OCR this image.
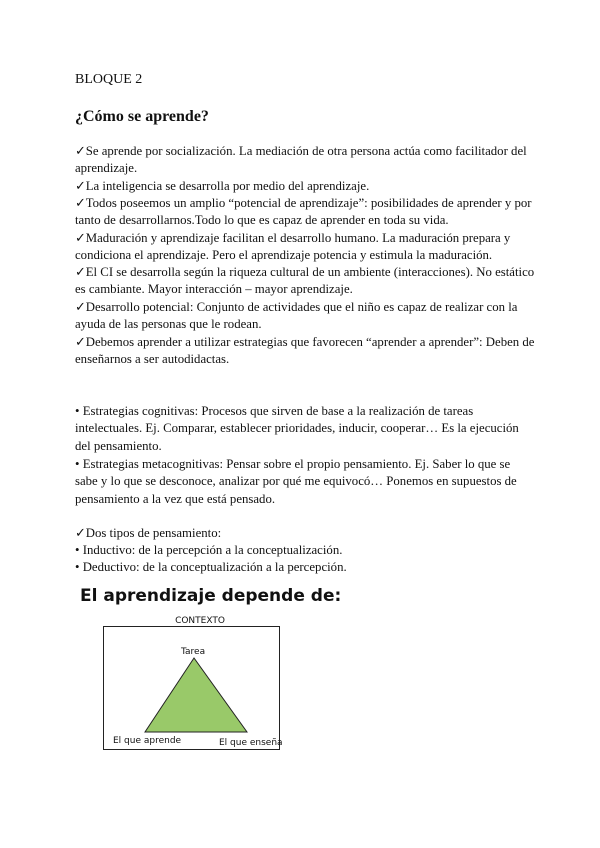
BLOQUE 2
¿Cómo se aprende?
✓Se aprende por socialización. La mediación de otra persona actúa como facilitador del aprendizaje.
✓La inteligencia se desarrolla por medio del aprendizaje.
✓Todos poseemos un amplio “potencial de aprendizaje”: posibilidades de aprender y por tanto de desarrollarnos.Todo lo que es capaz de aprender en toda su vida.
✓Maduración y aprendizaje facilitan el desarrollo humano. La maduración prepara y condiciona el aprendizaje. Pero el aprendizaje potencia y estimula la maduración.
✓El CI se desarrolla según la riqueza cultural de un ambiente (interacciones). No estático es cambiante. Mayor interacción – mayor aprendizaje.
✓Desarrollo potencial: Conjunto de actividades que el niño es capaz de realizar con la ayuda de las personas que le rodean.
✓Debemos aprender a utilizar estrategias que favorecen “aprender a aprender”: Deben de enseñarnos a ser autodidactas.
• Estrategias cognitivas: Procesos que sirven de base a la realización de tareas intelectuales. Ej. Comparar, establecer prioridades, inducir, cooperar… Es la ejecución del pensamiento.
• Estrategias metacognitivas: Pensar sobre el propio pensamiento. Ej. Saber lo que se sabe y lo que se desconoce, analizar por qué me equivocó… Ponemos en supuestos de pensamiento a la vez que está pensado.
✓Dos tipos de pensamiento:
• Inductivo: de la percepción a la conceptualización.
• Deductivo: de la conceptualización a la percepción.
El aprendizaje depende de:
CONTEXTO
Tarea
El que aprende	El que enseña
